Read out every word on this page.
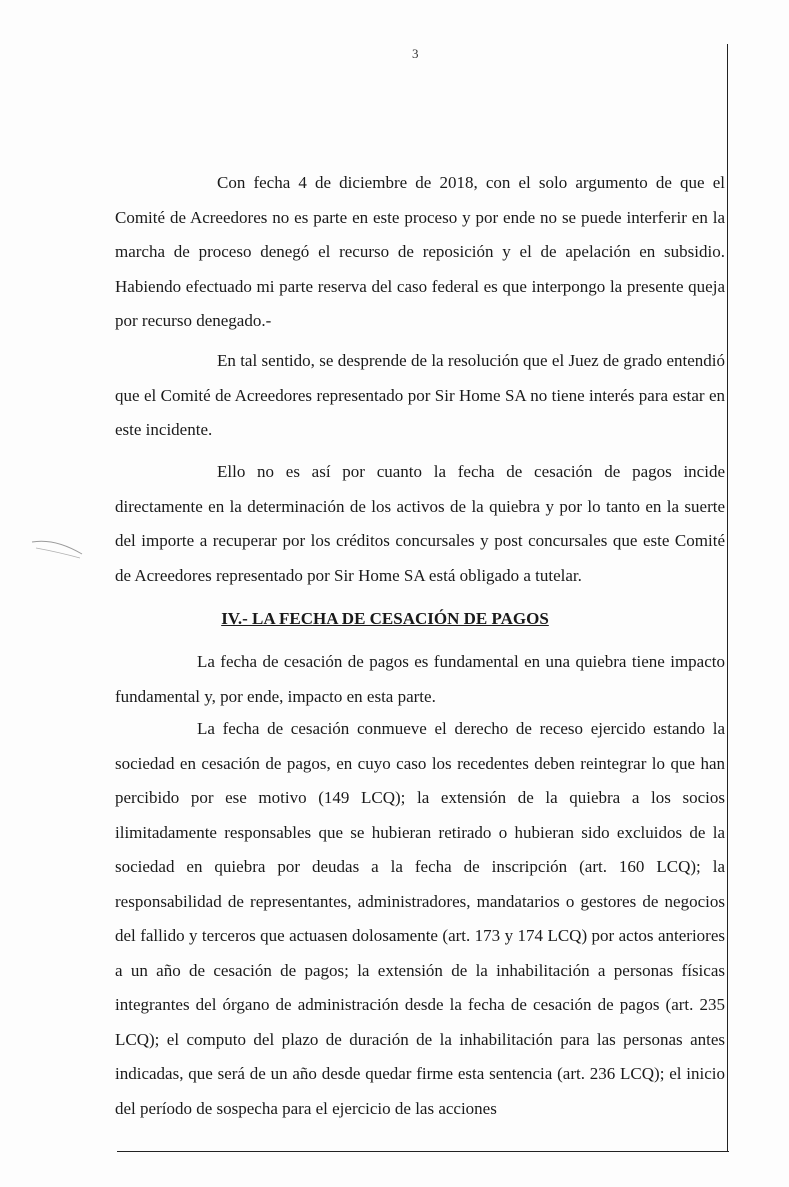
3

Con fecha 4 de diciembre de 2018, con el solo argumento de que el Comité de Acreedores no es parte en este proceso y por ende no se puede interferir en la marcha de proceso denegó el recurso de reposición y el de apelación en subsidio. Habiendo efectuado mi parte reserva del caso federal es que interpongo la presente queja por recurso denegado.-

En tal sentido, se desprende de la resolución que el Juez de grado entendió que el Comité de Acreedores representado por Sir Home SA no tiene interés para estar en este incidente.

Ello no es así por cuanto la fecha de cesación de pagos incide directamente en la determinación de los activos de la quiebra y por lo tanto en la suerte del importe a recuperar por los créditos concursales y post concursales que este Comité de Acreedores representado por Sir Home SA está obligado a tutelar.

IV.- LA FECHA DE CESACIÓN DE PAGOS

La fecha de cesación de pagos es fundamental en una quiebra tiene impacto fundamental y, por ende, impacto en esta parte.

La fecha de cesación conmueve el derecho de receso ejercido estando la sociedad en cesación de pagos, en cuyo caso los recedentes deben reintegrar lo que han percibido por ese motivo (149 LCQ); la extensión de la quiebra a los socios ilimitadamente responsables que se hubieran retirado o hubieran sido excluidos de la sociedad en quiebra por deudas a la fecha de inscripción (art. 160 LCQ); la responsabilidad de representantes, administradores, mandatarios o gestores de negocios del fallido y terceros que actuasen dolosamente (art. 173 y 174 LCQ) por actos anteriores a un año de cesación de pagos; la extensión de la inhabilitación a personas físicas integrantes del órgano de administración desde la fecha de cesación de pagos (art. 235 LCQ); el computo del plazo de duración de la inhabilitación para las personas antes indicadas, que será de un año desde quedar firme esta sentencia (art. 236 LCQ); el inicio del período de sospecha para el ejercicio de las acciones
